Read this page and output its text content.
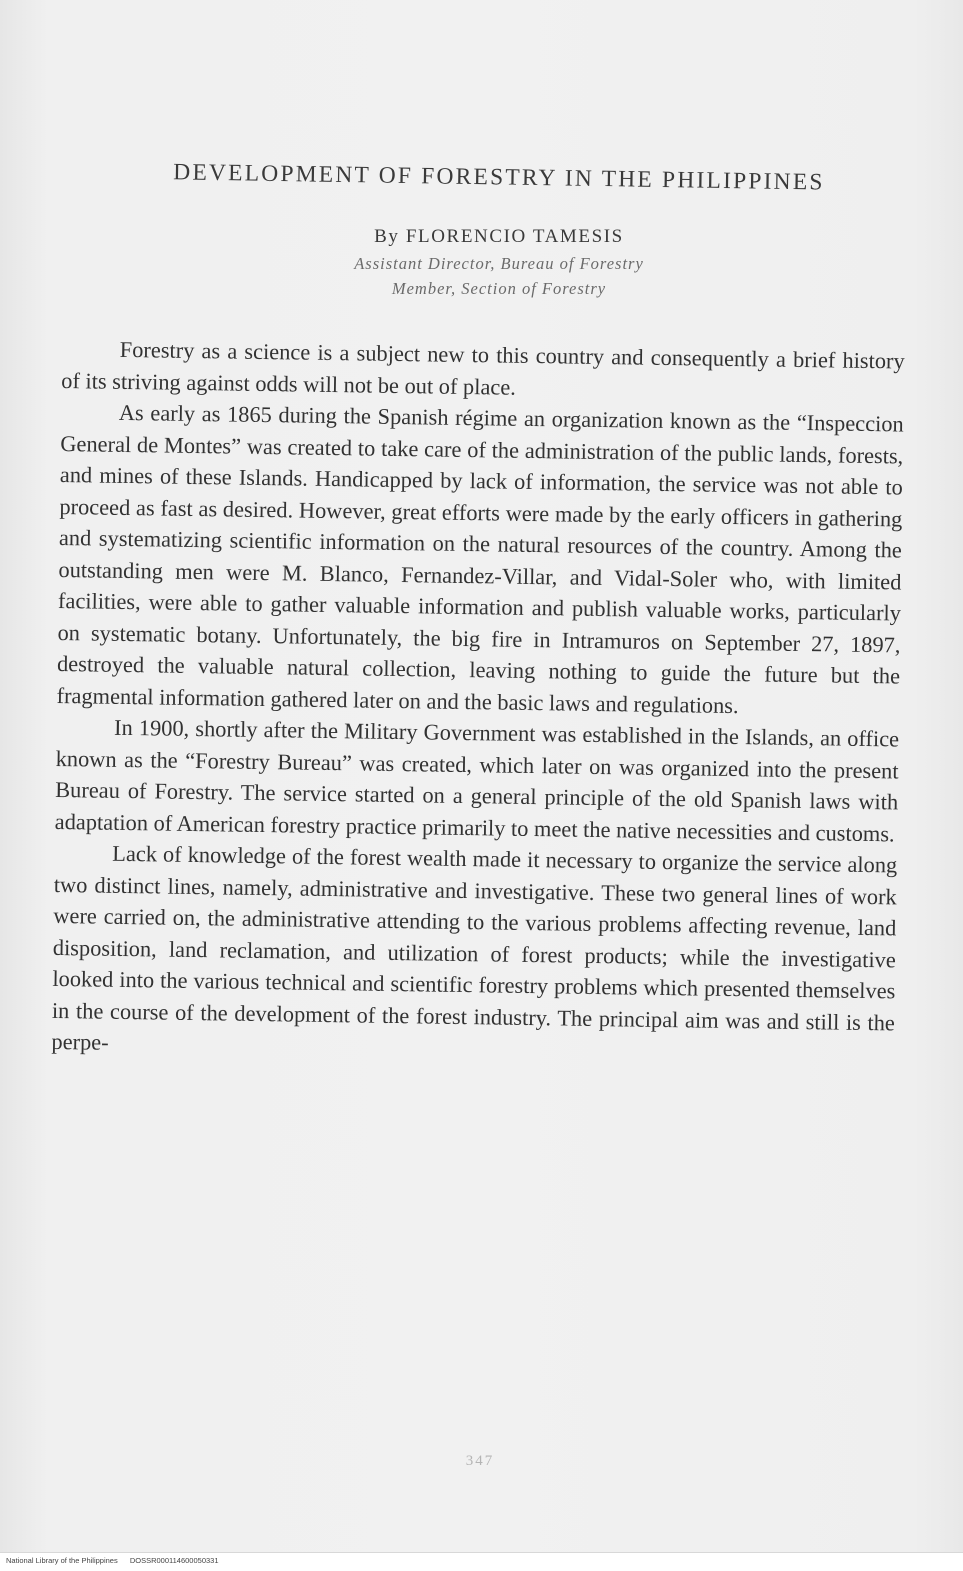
DEVELOPMENT OF FORESTRY IN THE PHILIPPINES
By FLORENCIO TAMESIS
Assistant Director, Bureau of Forestry
Member, Section of Forestry

Forestry as a science is a subject new to this country and consequently a brief history of its striving against odds will not be out of place.

As early as 1865 during the Spanish régime an organization known as the “Inspeccion General de Montes” was created to take care of the administration of the public lands, forests, and mines of these Islands. Handicapped by lack of information, the service was not able to proceed as fast as desired. However, great efforts were made by the early officers in gathering and systematizing scientific information on the natural resources of the country. Among the outstanding men were M. Blanco, Fernandez-Villar, and Vidal-Soler who, with limited facilities, were able to gather valuable information and publish valuable works, particularly on systematic botany. Unfortunately, the big fire in Intramuros on September 27, 1897, destroyed the valuable natural collection, leaving nothing to guide the future but the fragmental information gathered later on and the basic laws and regulations.

In 1900, shortly after the Military Government was established in the Islands, an office known as the “Forestry Bureau” was created, which later on was organized into the present Bureau of Forestry. The service started on a general principle of the old Spanish laws with adaptation of American forestry practice primarily to meet the native necessities and customs.

Lack of knowledge of the forest wealth made it necessary to organize the service along two distinct lines, namely, administrative and investigative. These two general lines of work were carried on, the administrative attending to the various problems affecting revenue, land disposition, land reclamation, and utilization of forest products; while the investigative looked into the various technical and scientific forestry problems which presented themselves in the course of the development of the forest industry. The principal aim was and still is the perpe-

347
National Library of the Philippines DOSSR000114600050331
